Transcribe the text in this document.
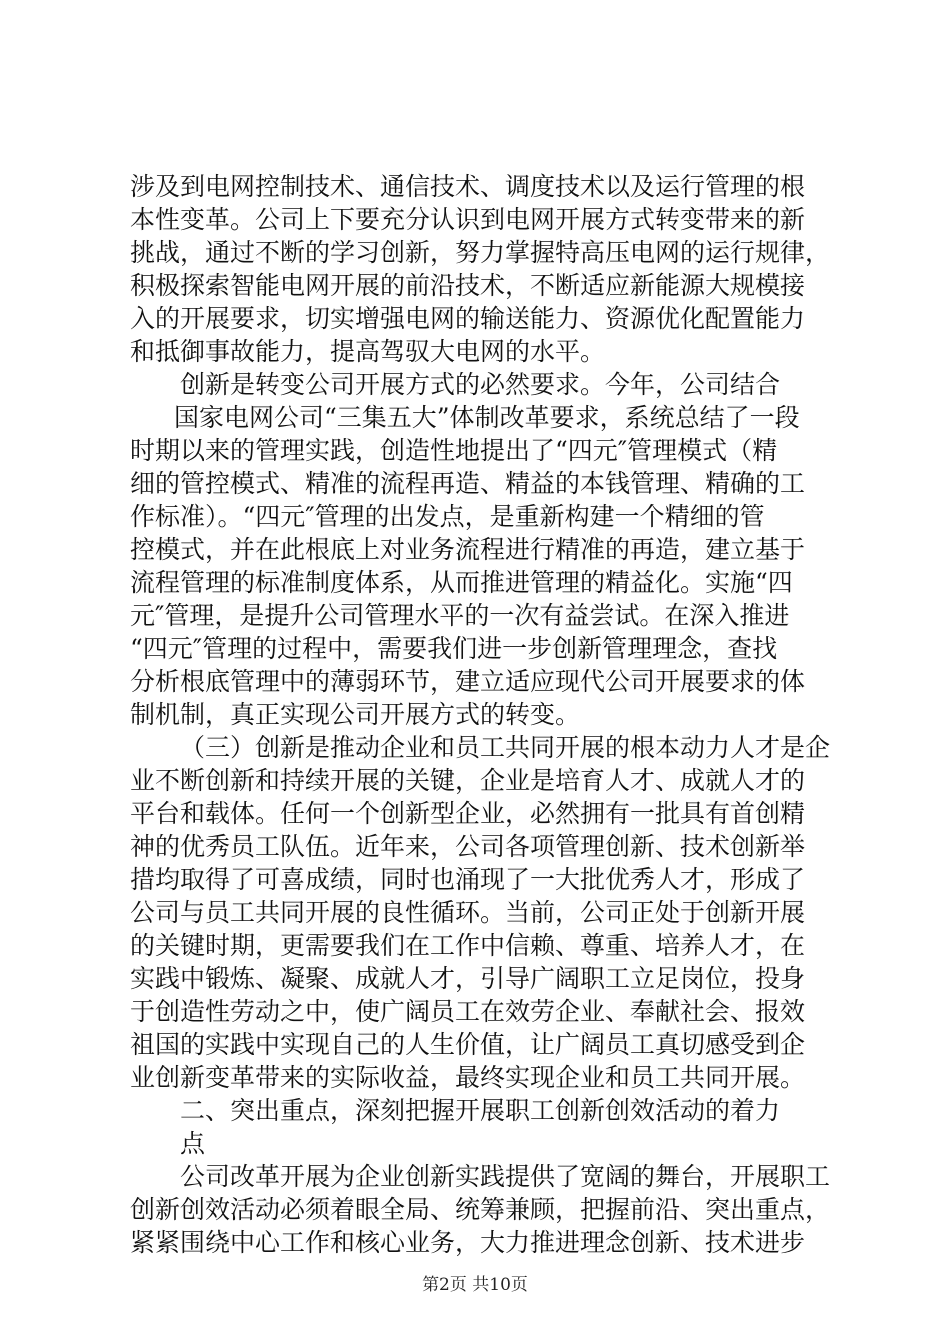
涉及到电网控制技术、通信技术、调度技术以及运行管理的根
本性变革。公司上下要充分认识到电网开展方式转变带来的新
挑战，通过不断的学习创新，努力掌握特高压电网的运行规律，
积极探索智能电网开展的前沿技术，不断适应新能源大规模接
入的开展要求，切实增强电网的输送能力、资源优化配置能力
和抵御事故能力，提高驾驭大电网的水平。
创新是转变公司开展方式的必然要求。今年，公司结合
国家电网公司“三集五大”体制改革要求，系统总结了一段
时期以来的管理实践，创造性地提出了“四元″管理模式（精
细的管控模式、精准的流程再造、精益的本钱管理、精确的工
作标准）。“四元″管理的出发点，是重新构建一个精细的管
控模式，并在此根底上对业务流程进行精准的再造，建立基于
流程管理的标准制度体系，从而推进管理的精益化。实施“四
元″管理，是提升公司管理水平的一次有益尝试。在深入推进
“四元″管理的过程中，需要我们进一步创新管理理念，查找
分析根底管理中的薄弱环节，建立适应现代公司开展要求的体
制机制，真正实现公司开展方式的转变。
（三）创新是推动企业和员工共同开展的根本动力人才是企
业不断创新和持续开展的关键，企业是培育人才、成就人才的
平台和载体。任何一个创新型企业，必然拥有一批具有首创精
神的优秀员工队伍。近年来，公司各项管理创新、技术创新举
措均取得了可喜成绩，同时也涌现了一大批优秀人才，形成了
公司与员工共同开展的良性循环。当前，公司正处于创新开展
的关键时期，更需要我们在工作中信赖、尊重、培养人才，在
实践中锻炼、凝聚、成就人才，引导广阔职工立足岗位，投身
于创造性劳动之中，使广阔员工在效劳企业、奉献社会、报效
祖国的实践中实现自己的人生价值，让广阔员工真切感受到企
业创新变革带来的实际收益，最终实现企业和员工共同开展。
二、突出重点，深刻把握开展职工创新创效活动的着力
点
公司改革开展为企业创新实践提供了宽阔的舞台，开展职工
创新创效活动必须着眼全局、统筹兼顾，把握前沿、突出重点，
紧紧围绕中心工作和核心业务，大力推进理念创新、技术进步
第2页 共10页
